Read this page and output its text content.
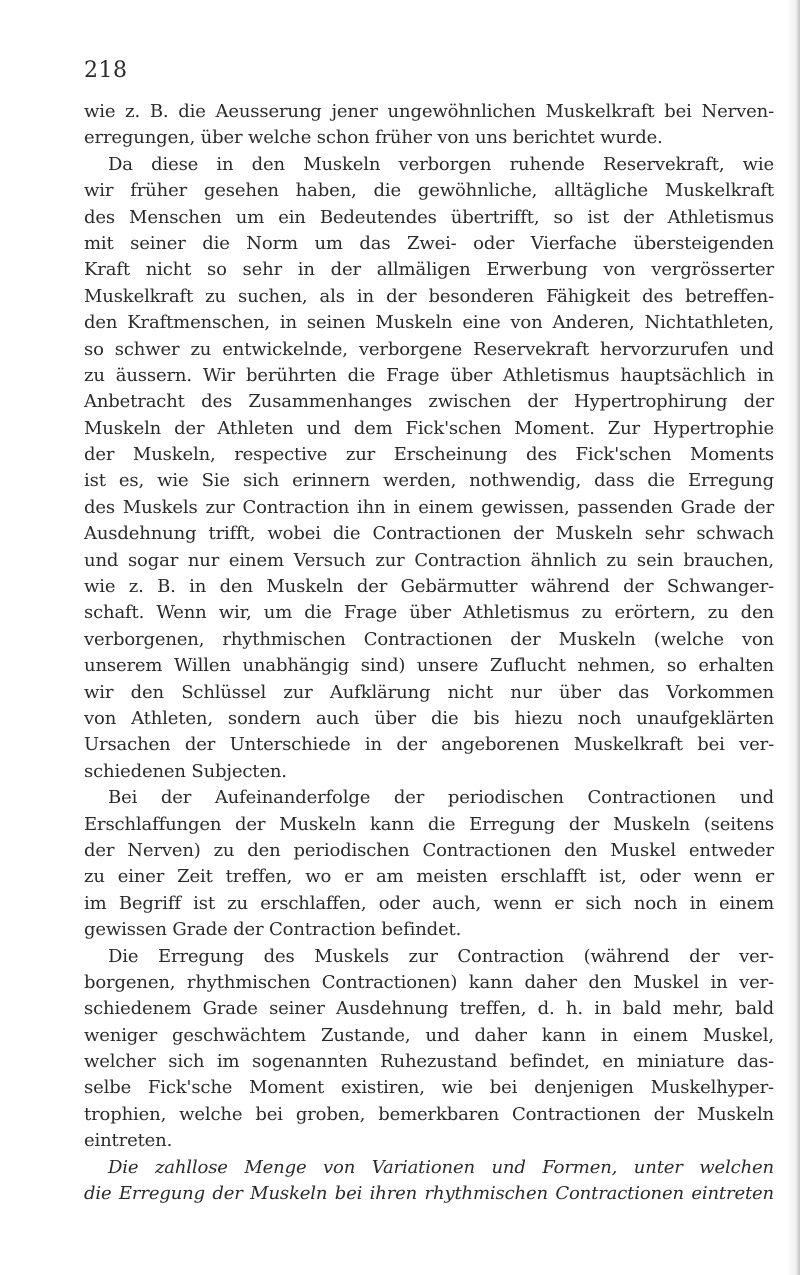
218
wie z. B. die Aeusserung jener ungewöhnlichen Muskelkraft bei Nerven-
erregungen, über welche schon früher von uns berichtet wurde.
Da diese in den Muskeln verborgen ruhende Reservekraft, wie
wir früher gesehen haben, die gewöhnliche, alltägliche Muskelkraft
des Menschen um ein Bedeutendes übertrifft, so ist der Athletismus
mit seiner die Norm um das Zwei- oder Vierfache übersteigenden
Kraft nicht so sehr in der allmäligen Erwerbung von vergrösserter
Muskelkraft zu suchen, als in der besonderen Fähigkeit des betreffen-
den Kraftmenschen, in seinen Muskeln eine von Anderen, Nichtathleten,
so schwer zu entwickelnde, verborgene Reservekraft hervorzurufen und
zu äussern. Wir berührten die Frage über Athletismus hauptsächlich in
Anbetracht des Zusammenhanges zwischen der Hypertrophirung der
Muskeln der Athleten und dem Fick'schen Moment. Zur Hypertrophie
der Muskeln, respective zur Erscheinung des Fick'schen Moments
ist es, wie Sie sich erinnern werden, nothwendig, dass die Erregung
des Muskels zur Contraction ihn in einem gewissen, passenden Grade der
Ausdehnung trifft, wobei die Contractionen der Muskeln sehr schwach
und sogar nur einem Versuch zur Contraction ähnlich zu sein brauchen,
wie z. B. in den Muskeln der Gebärmutter während der Schwanger-
schaft. Wenn wir, um die Frage über Athletismus zu erörtern, zu den
verborgenen, rhythmischen Contractionen der Muskeln (welche von
unserem Willen unabhängig sind) unsere Zuflucht nehmen, so erhalten
wir den Schlüssel zur Aufklärung nicht nur über das Vorkommen
von Athleten, sondern auch über die bis hiezu noch unaufgeklärten
Ursachen der Unterschiede in der angeborenen Muskelkraft bei ver-
schiedenen Subjecten.
Bei der Aufeinanderfolge der periodischen Contractionen und
Erschlaffungen der Muskeln kann die Erregung der Muskeln (seitens
der Nerven) zu den periodischen Contractionen den Muskel entweder
zu einer Zeit treffen, wo er am meisten erschlafft ist, oder wenn er
im Begriff ist zu erschlaffen, oder auch, wenn er sich noch in einem
gewissen Grade der Contraction befindet.
Die Erregung des Muskels zur Contraction (während der ver-
borgenen, rhythmischen Contractionen) kann daher den Muskel in ver-
schiedenem Grade seiner Ausdehnung treffen, d. h. in bald mehr, bald
weniger geschwächtem Zustande, und daher kann in einem Muskel,
welcher sich im sogenannten Ruhezustand befindet, en miniature das-
selbe Fick'sche Moment existiren, wie bei denjenigen Muskelhyper-
trophien, welche bei groben, bemerkbaren Contractionen der Muskeln
eintreten.
Die zahllose Menge von Variationen und Formen, unter welchen
die Erregung der Muskeln bei ihren rhythmischen Contractionen eintreten
